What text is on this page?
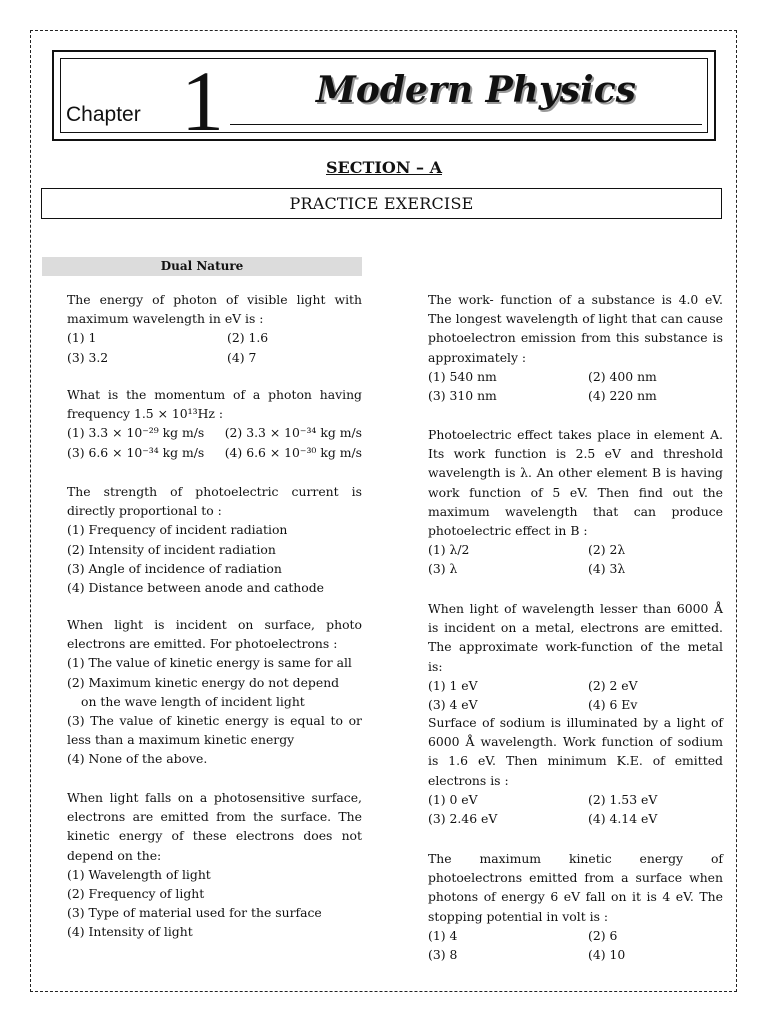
Chapter 1	Modern Physics
SECTION – A
PRACTICE EXERCISE
Dual Nature
The energy of photon of visible light with maximum wavelength in eV is :
(1) 1	(2) 1.6
(3) 3.2	(4) 7
What is the momentum of a photon having frequency 1.5 × 10¹³Hz :
(1) 3.3 × 10⁻²⁹ kg m/s	(2) 3.3 × 10⁻³⁴ kg m/s
(3) 6.6 × 10⁻³⁴ kg m/s	(4) 6.6 × 10⁻³⁰ kg m/s
The strength of photoelectric current is directly proportional to :
(1) Frequency of incident radiation
(2) Intensity of incident radiation
(3) Angle of incidence of radiation
(4) Distance between anode and cathode
When light is incident on surface, photo electrons are emitted. For photoelectrons :
(1) The value of kinetic energy is same for all
(2) Maximum kinetic energy do not depend
on the wave length of incident light
(3) The value of kinetic energy is equal to or less than a maximum kinetic energy
(4) None of the above.
When light falls on a photosensitive surface, electrons are emitted from the surface. The kinetic energy of these electrons does not depend on the:
(1) Wavelength of light
(2) Frequency of light
(3) Type of material used for the surface
(4) Intensity of light
The work- function of a substance is 4.0 eV. The longest wavelength of light that can cause photoelectron emission from this substance is approximately :
(1) 540 nm	(2) 400 nm
(3) 310 nm	(4) 220 nm
Photoelectric effect takes place in element A. Its work function is 2.5 eV and threshold wavelength is λ. An other element B is having work function of 5 eV. Then find out the maximum wavelength that can produce photoelectric effect in B :
(1) λ/2	(2) 2λ
(3) λ	(4) 3λ
When light of wavelength lesser than 6000 Å is incident on a metal, electrons are emitted. The approximate work-function of the metal is:
(1) 1 eV	(2) 2 eV
(3) 4 eV	(4) 6 Ev
Surface of sodium is illuminated by a light of 6000 Å wavelength. Work function of sodium is 1.6 eV. Then minimum K.E. of emitted electrons is :
(1) 0 eV	(2) 1.53 eV
(3) 2.46 eV	(4) 4.14 eV
The maximum kinetic energy of photoelectrons emitted from a surface when photons of energy 6 eV fall on it is 4 eV. The stopping potential in volt is :
(1) 4	(2) 6
(3) 8	(4) 10
